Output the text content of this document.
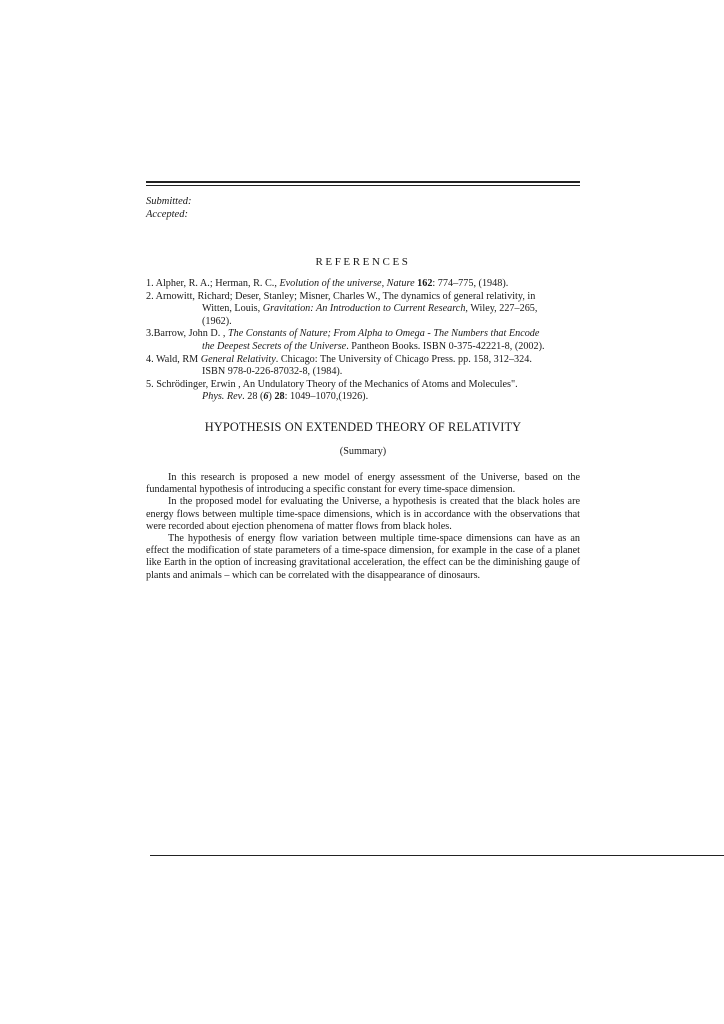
Submitted:
Accepted:
REFERENCES

1. Alpher, R. A.; Herman, R. C., Evolution of the universe, Nature 162: 774–775, (1948).

2. Arnowitt, Richard; Deser, Stanley; Misner, Charles W., The dynamics of general relativity, in
Witten, Louis, Gravitation: An Introduction to Current Research, Wiley, 227–265,
(1962).

3.Barrow, John D. , The Constants of Nature; From Alpha to Omega - The Numbers that Encode
the Deepest Secrets of the Universe. Pantheon Books. ISBN 0-375-42221-8, (2002).

4. Wald, RM General Relativity. Chicago: The University of Chicago Press. pp. 158, 312–324.
ISBN 978-0-226-87032-8, (1984).

5. Schrödinger, Erwin , An Undulatory Theory of the Mechanics of Atoms and Molecules".
Phys. Rev. 28 (6) 28: 1049–1070,(1926).

HYPOTHESIS ON EXTENDED THEORY OF RELATIVITY
(Summary)

In this research is proposed a new model of energy assessment of the Universe, based on the fundamental hypothesis of introducing a specific constant for every time-space dimension.

In the proposed model for evaluating the Universe, a hypothesis is created that the black holes are energy flows between multiple time-space dimensions, which is in accordance with the observations that were recorded about ejection phenomena of matter flows from black holes.

The hypothesis of energy flow variation between multiple time-space dimensions can have as an effect the modification of state parameters of a time-space dimension, for example in the case of a planet like Earth in the option of increasing gravitational acceleration, the effect can be the diminishing gauge of plants and animals – which can be correlated with the disappearance of dinosaurs.
